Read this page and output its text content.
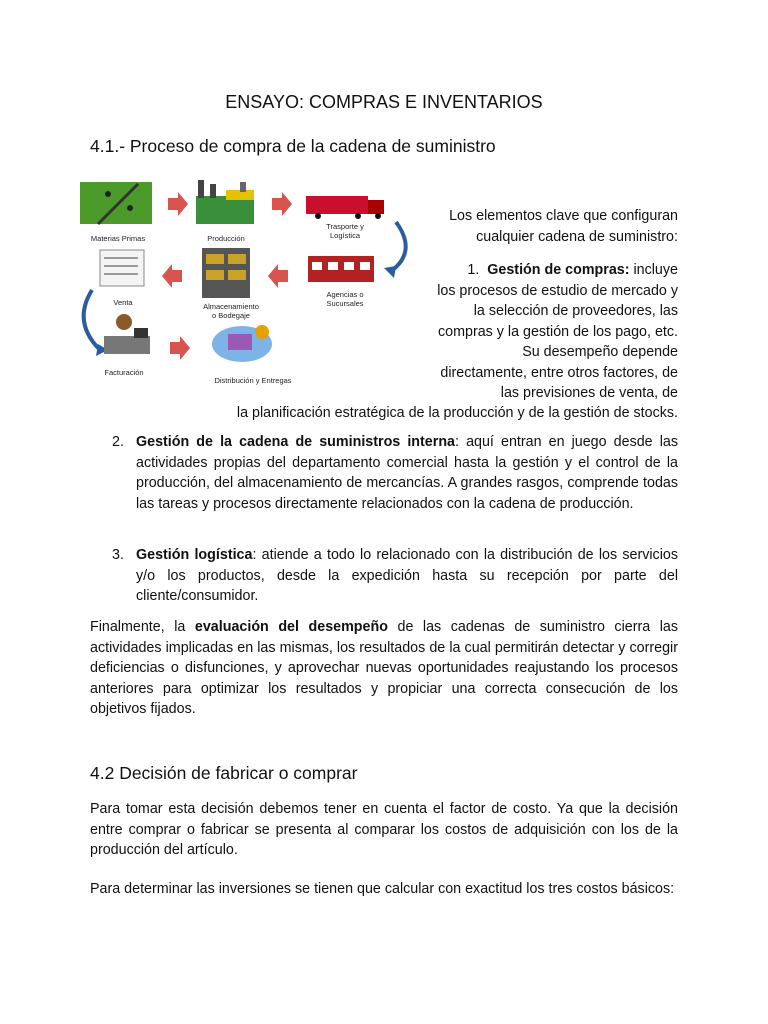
ENSAYO: COMPRAS E INVENTARIOS
4.1.- Proceso de compra de la cadena de suministro
Materias Primas	Producción
Trasporte y
Logística
Venta	Almacenamiento
o Bodegaje
Agencias o
Sucursales
Facturación
Distribución y Entregas
Los elementos clave que configuran
cualquier cadena de suministro:
1. Gestión de compras: incluye
los procesos de estudio de mercado y
la selección de proveedores, las
compras y la gestión de los pago, etc.
Su desempeño depende
directamente, entre otros factores, de
las previsiones de venta, de
la planificación estratégica de la producción y de la gestión de stocks.
2. Gestión de la cadena de suministros interna: aquí entran en juego desde las actividades propias del departamento comercial hasta la gestión y el control de la producción, del almacenamiento de mercancías. A grandes rasgos, comprende todas las tareas y procesos directamente relacionados con la cadena de producción.
3. Gestión logística: atiende a todo lo relacionado con la distribución de los servicios y/o los productos, desde la expedición hasta su recepción por parte del cliente/consumidor.
Finalmente, la evaluación del desempeño de las cadenas de suministro cierra las actividades implicadas en las mismas, los resultados de la cual permitirán detectar y corregir deficiencias o disfunciones, y aprovechar nuevas oportunidades reajustando los procesos anteriores para optimizar los resultados y propiciar una correcta consecución de los objetivos fijados.
4.2 Decisión de fabricar o comprar
Para tomar esta decisión debemos tener en cuenta el factor de costo. Ya que la decisión entre comprar o fabricar se presenta al comparar los costos de adquisición con los de la producción del artículo.
Para determinar las inversiones se tienen que calcular con exactitud los tres costos básicos:
